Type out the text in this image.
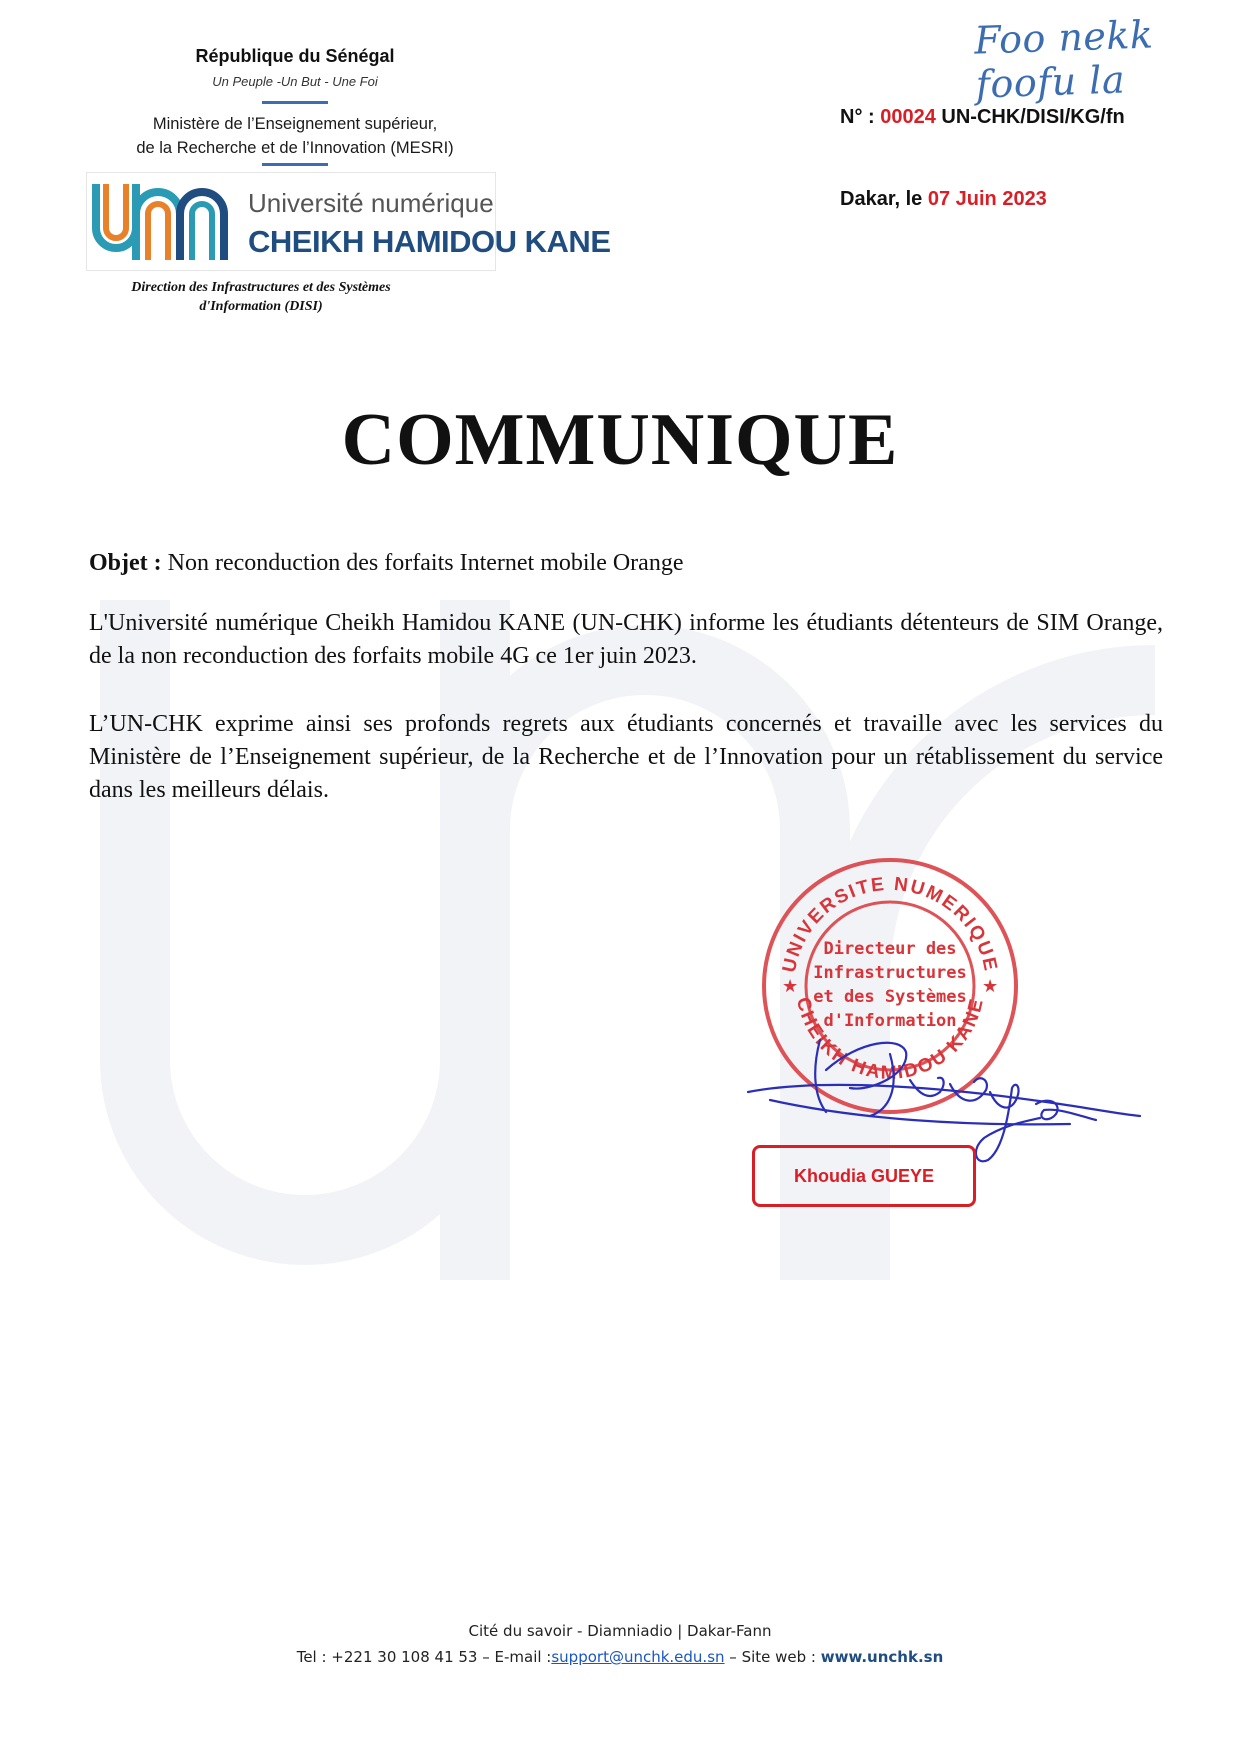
République du Sénégal
Un Peuple -Un But - Une Foi
Ministère de l’Enseignement supérieur,
de la Recherche et de l’Innovation (MESRI)
Université numérique
CHEIKH HAMIDOU KANE
Direction des Infrastructures et des Systèmes
d'Information (DISI)
Foo nekk foofu la
N° : 00024 UN-CHK/DISI/KG/fn
Dakar, le 07 Juin 2023
COMMUNIQUE
Objet : Non reconduction des forfaits Internet mobile Orange
L'Université numérique Cheikh Hamidou KANE (UN-CHK) informe les étudiants détenteurs de SIM Orange, de la non reconduction des forfaits mobile 4G ce 1er juin 2023.
L’UN-CHK exprime ainsi ses profonds regrets aux étudiants concernés et travaille avec les services du Ministère de l’Enseignement supérieur, de la Recherche et de l’Innovation pour un rétablissement du service dans les meilleurs délais.
UNIVERSITE NUMERIQUE
CHEIKH HAMIDOU KANE
★	★
Directeur des
Infrastructures
et des Systèmes
d'Information
Khoudia GUEYE
Cité du savoir - Diamniadio | Dakar-Fann
Tel : +221 30 108 41 53 – E-mail :support@unchk.edu.sn – Site web : www.unchk.sn
